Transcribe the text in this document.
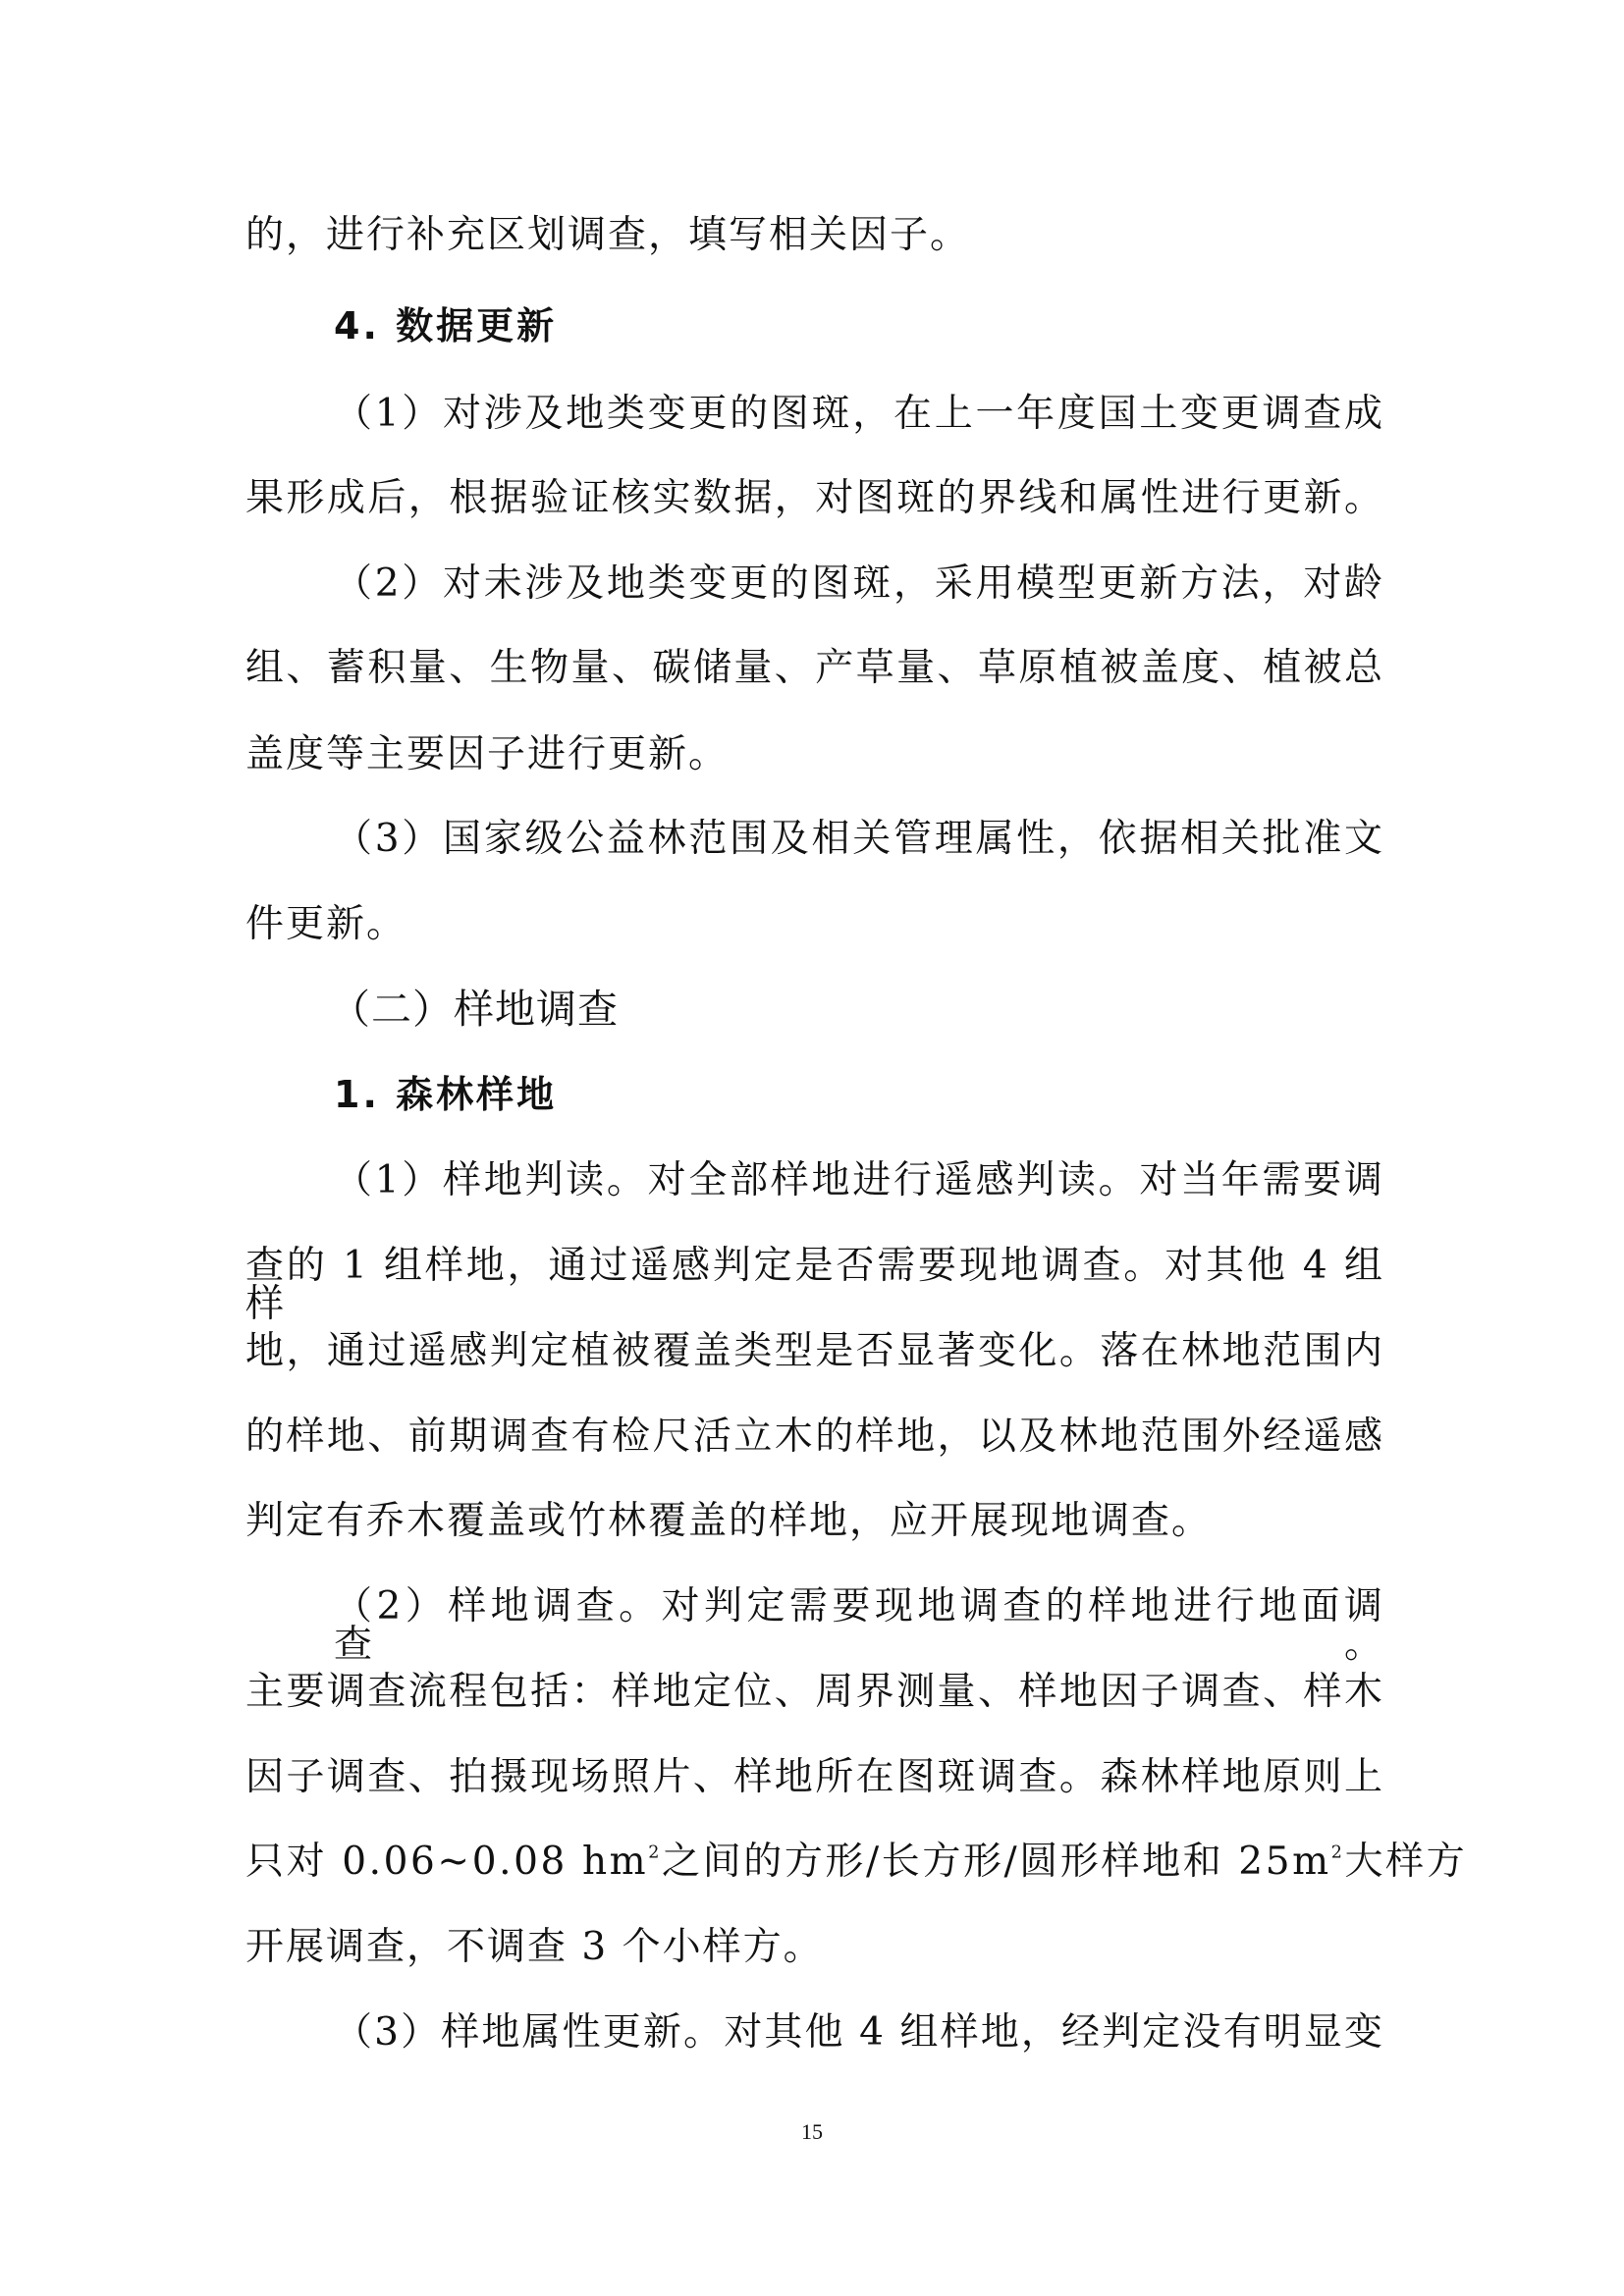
的，进行补充区划调查，填写相关因子。

4. 数据更新

（1）对涉及地类变更的图斑，在上一年度国土变更调查成

果形成后，根据验证核实数据，对图斑的界线和属性进行更新。

（2）对未涉及地类变更的图斑，采用模型更新方法，对龄

组、蓄积量、生物量、碳储量、产草量、草原植被盖度、植被总

盖度等主要因子进行更新。

（3）国家级公益林范围及相关管理属性，依据相关批准文

件更新。

（二）样地调查

1. 森林样地

（1）样地判读。对全部样地进行遥感判读。对当年需要调

查的 1 组样地，通过遥感判定是否需要现地调查。对其他 4 组样

地，通过遥感判定植被覆盖类型是否显著变化。落在林地范围内

的样地、前期调查有检尺活立木的样地，以及林地范围外经遥感

判定有乔木覆盖或竹林覆盖的样地，应开展现地调查。

（2）样地调查。对判定需要现地调查的样地进行地面调查。

主要调查流程包括：样地定位、周界测量、样地因子调查、样木

因子调查、拍摄现场照片、样地所在图斑调查。森林样地原则上

只对 0.06~0.08 $hm^2$之间的方形/长方形/圆形样地和 $25m^2$大样方

开展调查，不调查 3 个小样方。

（3）样地属性更新。对其他 4 组样地，经判定没有明显变

15
